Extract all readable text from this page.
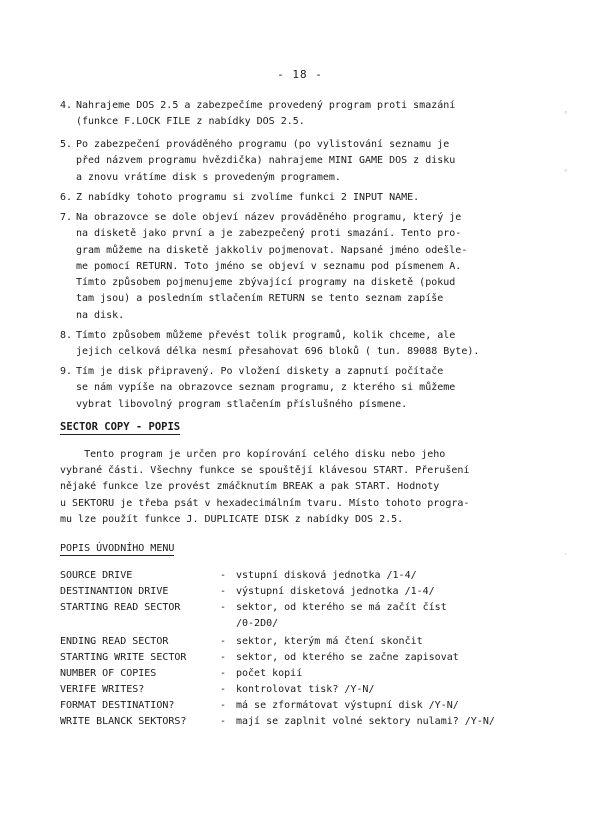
- 18 -
4. Nahrajeme DOS 2.5 a zabezpečíme provedený program proti smazání
(funkce F.LOCK FILE z nabídky DOS 2.5.
5. Po zabezpečení prováděného programu (po vylistování seznamu je
před názvem programu hvězdička) nahrajeme MINI GAME DOS z disku
a znovu vrátíme disk s provedeným programem.
6. Z nabídky tohoto programu si zvolíme funkci 2 INPUT NAME.
7. Na obrazovce se dole objeví název prováděného programu, který je
na disketě jako první a je zabezpečený proti smazání. Tento pro-
gram můžeme na disketě jakkoliv pojmenovat. Napsané jméno odešle-
me pomocí RETURN. Toto jméno se objeví v seznamu pod písmenem A.
Tímto způsobem pojmenujeme zbývající programy na disketě (pokud
tam jsou) a posledním stlačením RETURN se tento seznam zapíše
na disk.
8. Tímto způsobem můžeme převést tolik programů, kolik chceme, ale
jejich celková délka nesmí přesahovat 696 bloků ( tun. 89088 Byte).
9. Tím je disk připravený. Po vložení diskety a zapnutí počítače
se nám vypíše na obrazovce seznam programu, z kterého si můžeme
vybrat libovolný program stlačením příslušného písmene.
SECTOR COPY - POPIS
Tento program je určen pro kopírování celého disku nebo jeho
vybrané části. Všechny funkce se spouštějí klávesou START. Přerušení
nějaké funkce lze provést zmáčknutím BREAK a pak START. Hodnoty
u SEKTORU je třeba psát v hexadecimálním tvaru. Místo tohoto progra-
mu lze použít funkce J. DUPLICATE DISK z nabídky DOS 2.5.
POPIS ÚVODNÍHO MENU
SOURCE DRIVE	- vstupní disková jednotka /1-4/
DESTINANTION DRIVE	- výstupní disketová jednotka /1-4/
STARTING READ SECTOR	- sektor, od kterého se má začít číst
/0-2D0/
ENDING READ SECTOR	- sektor, kterým má čtení skončit
STARTING WRITE SECTOR	- sektor, od kterého se začne zapisovat
NUMBER OF COPIES	- počet kopií
VERIFE WRITES?	- kontrolovat tisk? /Y-N/
FORMAT DESTINATION?	- má se zformátovat výstupní disk /Y-N/
WRITE BLANCK SEKTORS?	- mají se zaplnit volné sektory nulami? /Y-N/
˚
˚
·
